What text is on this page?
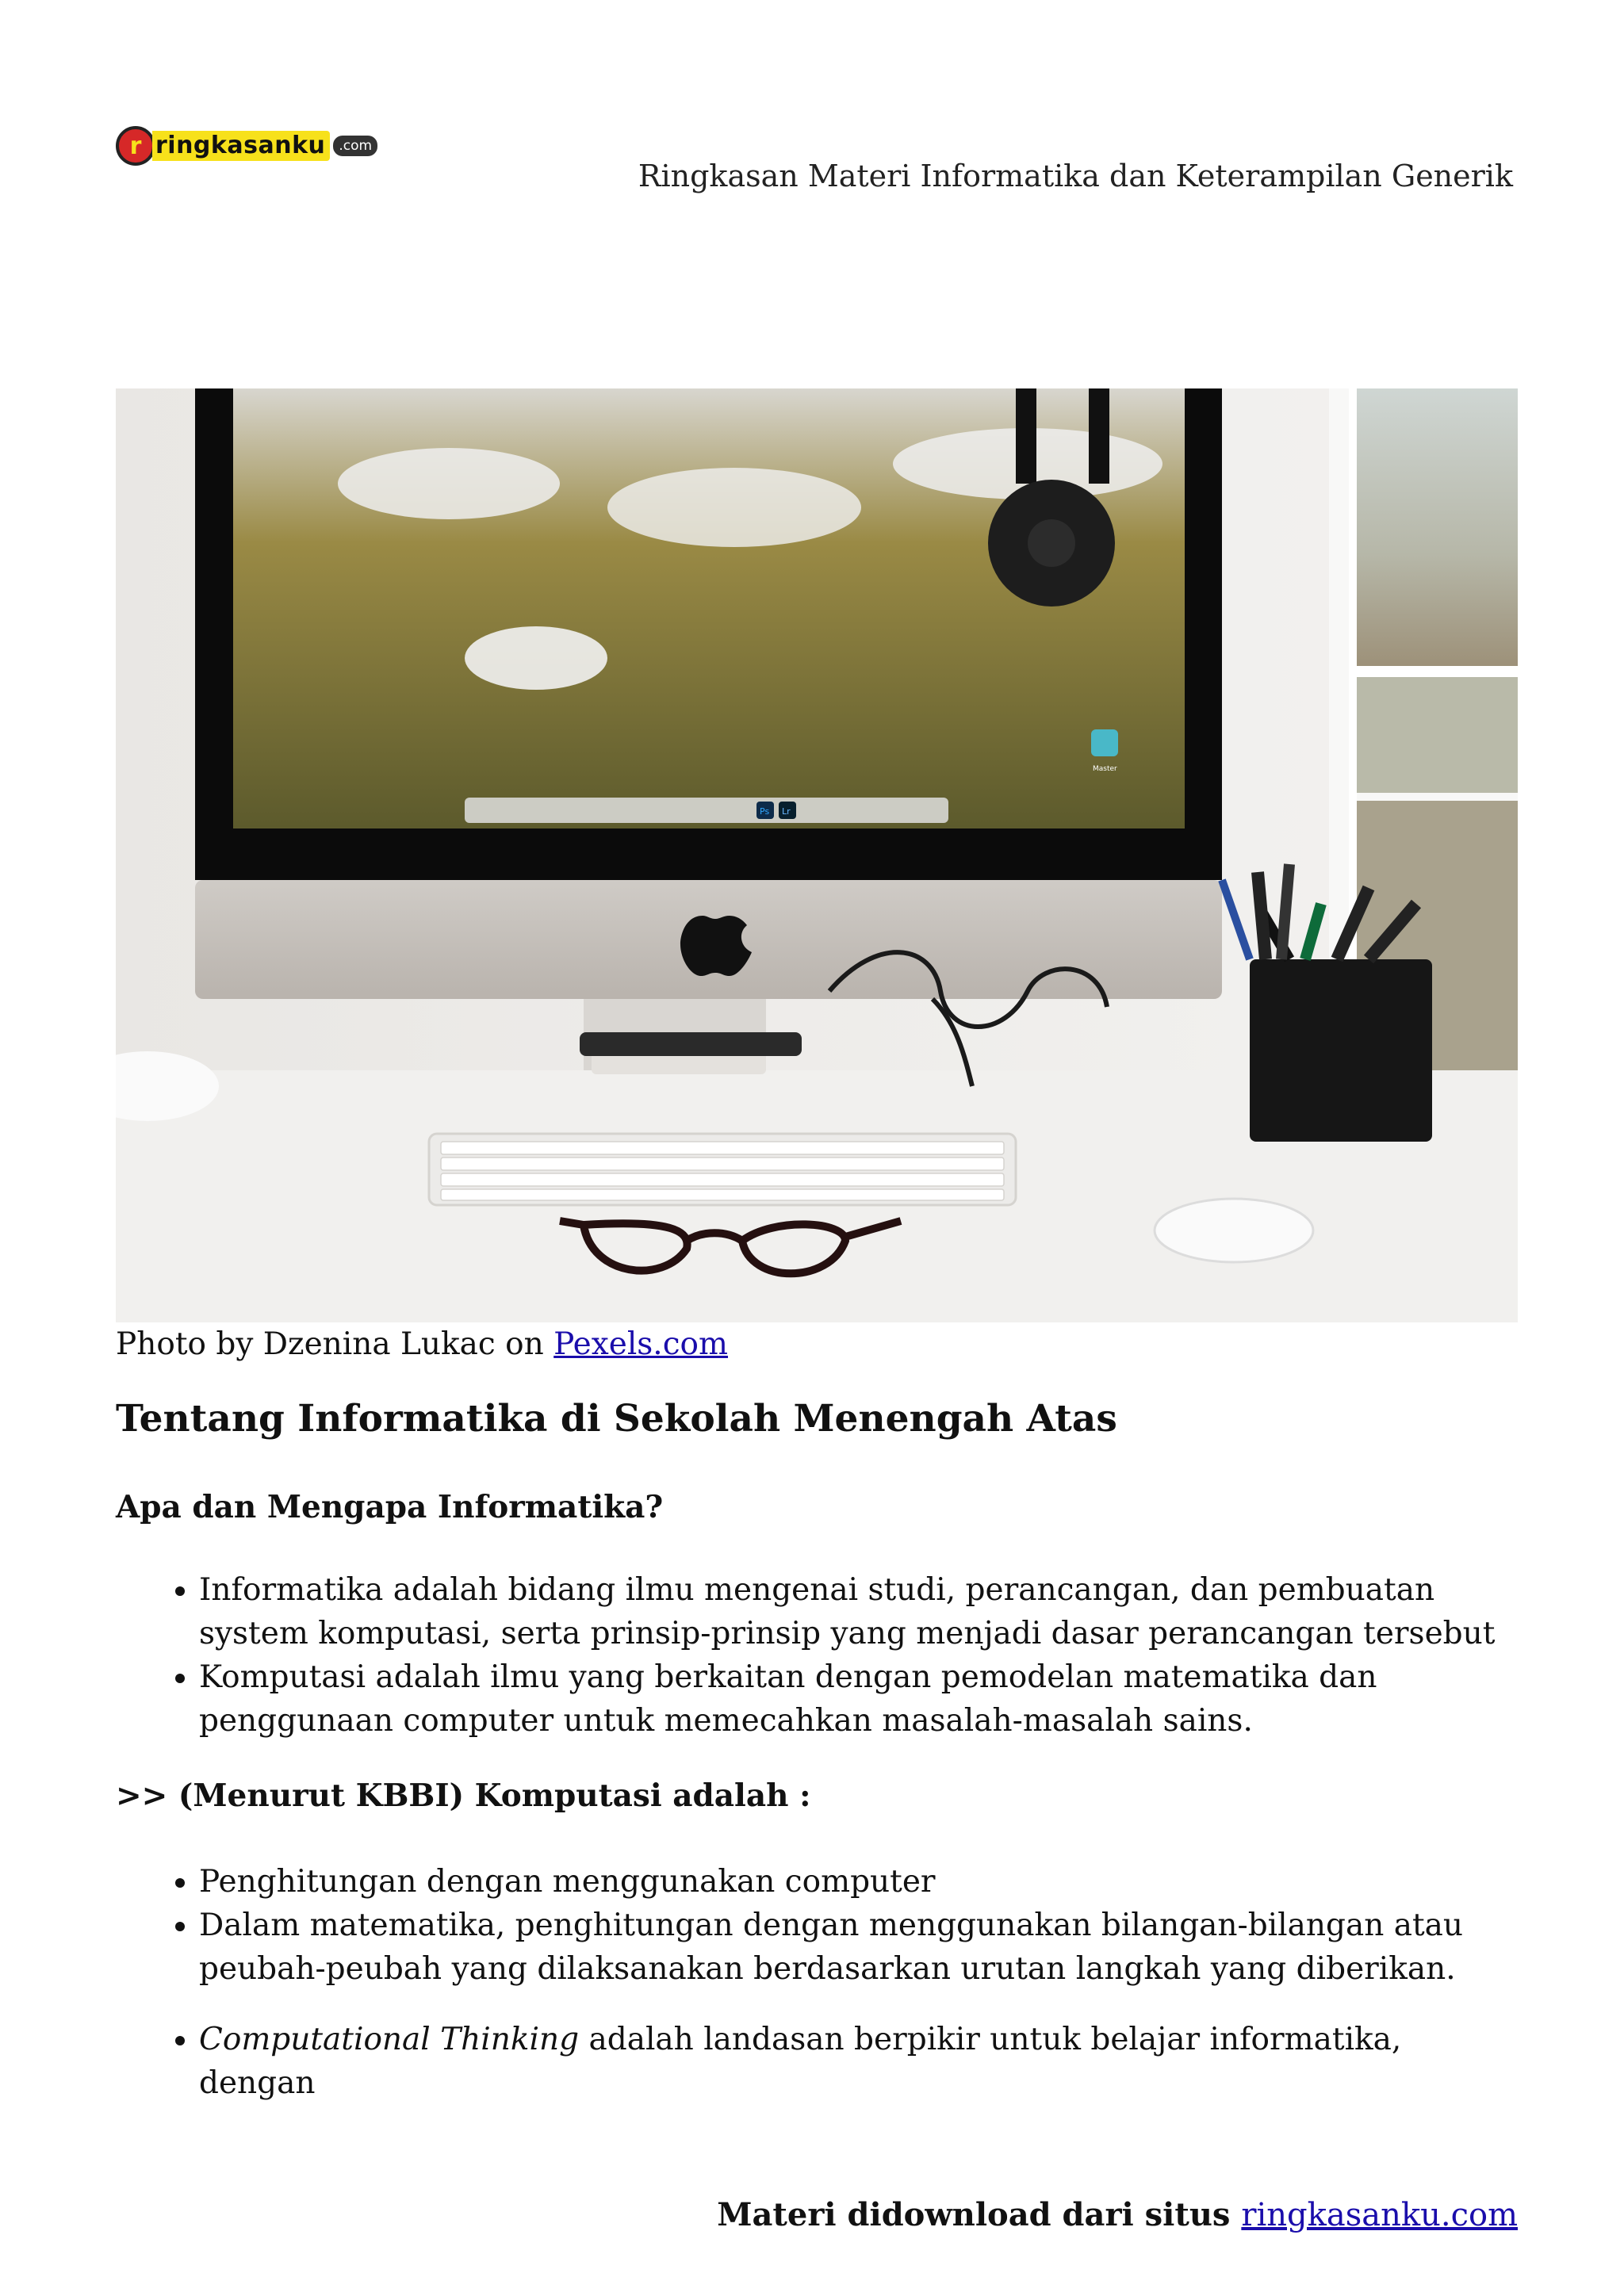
r ringkasanku	.com
Ringkasan Materi Informatika dan Keterampilan Generik
Ps Lr
Master
Photo by Dzenina Lukac on Pexels.com
Tentang Informatika di Sekolah Menengah Atas
Apa dan Mengapa Informatika?
• Informatika adalah bidang ilmu mengenai studi, perancangan, dan pembuatan system komputasi, serta prinsip-prinsip yang menjadi dasar perancangan tersebut
• Komputasi adalah ilmu yang berkaitan dengan pemodelan matematika dan penggunaan computer untuk memecahkan masalah-masalah sains.
>> (Menurut KBBI) Komputasi adalah :
• Penghitungan dengan menggunakan computer
• Dalam matematika, penghitungan dengan menggunakan bilangan-bilangan atau peubah-peubah yang dilaksanakan berdasarkan urutan langkah yang diberikan.
• Computational Thinking adalah landasan berpikir untuk belajar informatika, dengan
Materi didownload dari situs ringkasanku.com
